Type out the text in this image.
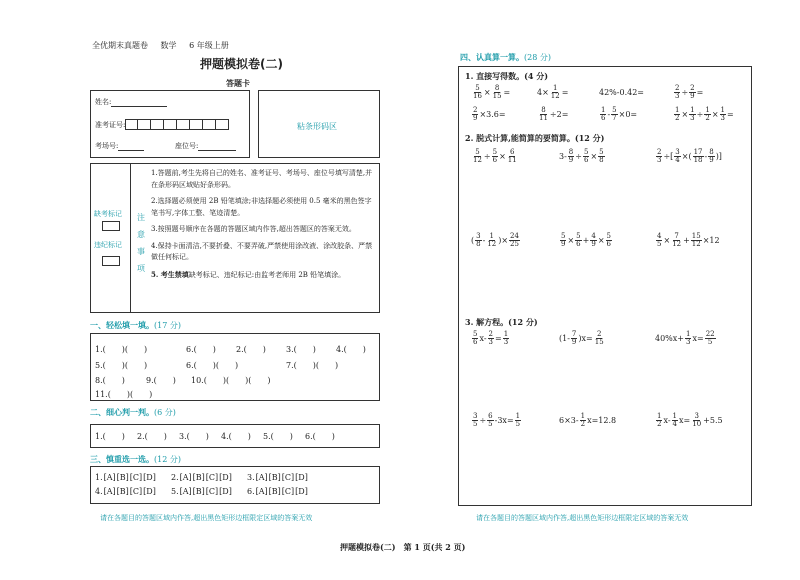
全优期末真题卷 数学 6 年级上册
押题模拟卷(二)
答题卡
姓名:
准考证号:
考场号:	座位号:
粘条形码区
缺考标记
违纪标记
注意事项
1.答题前,考生先将自己的姓名、准考证号、考场号、座位号填写清楚,并在条形码区域贴好条形码。
2.选择题必须使用 2B 铅笔填涂;非选择题必须使用 0.5 毫米的黑色签字笔书写,字体工整、笔迹清楚。
3.按照题号顺序在各题的答题区域内作答,超出答题区的答案无效。
4.保持卡面清洁,不要折叠、不要弄破,严禁使用涂改液、涂改胶条、严禁做任何标记。
5. 考生禁填缺考标记、违纪标记:由监考老师用 2B 铅笔填涂。
一、轻松填一填。(17 分)
1.(　　)(　　)	6.(　　)	2.(　　)	3.(　　)	4.(　　)
5.(　　)(　　)	6.(　　)(　　)	7.(　　)(　　)
8.(　　)	9.(　　) 10.(　　)(　　)(　　)
11.(　　)(　　)
二、细心判一判。(6 分)
1.(　　) 2.(　　) 3.(　　) 4.(　　) 5.(　　) 6.(　　)
三、慎重选一选。(12 分)
1. [A] [B] [C] [D] 2. [A] [B] [C] [D] 3. [A] [B] [C] [D]
4. [A] [B] [C] [D] 5. [A] [B] [C] [D] 6. [A] [B] [C] [D]
请在各题目的答题区域内作答,超出黑色矩形边框限定区域的答案无效
四、认真算一算。(28 分)
1. 直接写得数。(4 分)
$\frac{5}{16} \times \frac{8}{15}$ =	$4\times \frac{1}{12}$ =	42%-0.42=	$\frac{2}{3} \div \frac{2}{9}$ =
$\frac{2}{9} \times 3.6=$	$\frac{8}{11} \div 2=$	$\frac{1}{6} - \frac{5}{7} \times 0=$	$\frac{1}{2} \times \frac{1}{3} \div \frac{1}{2} \times \frac{1}{3}$ =
2. 脱式计算,能简算的要简算。(12 分)
$\frac{5}{12} \div \frac{5}{6} \times \frac{6}{11}$	$3- \frac{8}{9} \div \frac{5}{6} \times \frac{5}{8}$	$\frac{2}{3}$ ÷[ $\frac{3}{4}$ ×( $\frac{17}{18} - \frac{8}{9}$ )]
( $\frac{3}{8} - \frac{1}{12}$ )× $\frac{24}{25}$	$\frac{5}{9} \times \frac{5}{6} + \frac{4}{9} \times \frac{5}{6}$	$\frac{4}{5} \times \frac{7}{12} + \frac{15}{12} \times 12$
3. 解方程。(12 分)
$\frac{5}{6} x- \frac{2}{3} = \frac{1}{3}$	$(1- \frac{7}{9} )x= \frac{2}{15}$	$40\%x+ \frac{1}{3} x= \frac{22}{5}$
$\frac{3}{5} \div \frac{6}{5} -3x= \frac{1}{5}$	$6\times 3- \frac{1}{2} x=12.8$	$\frac{1}{2} x- \frac{1}{4} x= \frac{3}{10} +5.5$
请在各题目的答题区域内作答,超出黑色矩形边框限定区域的答案无效
押题模拟卷(二)　第 1 页(共 2 页)
